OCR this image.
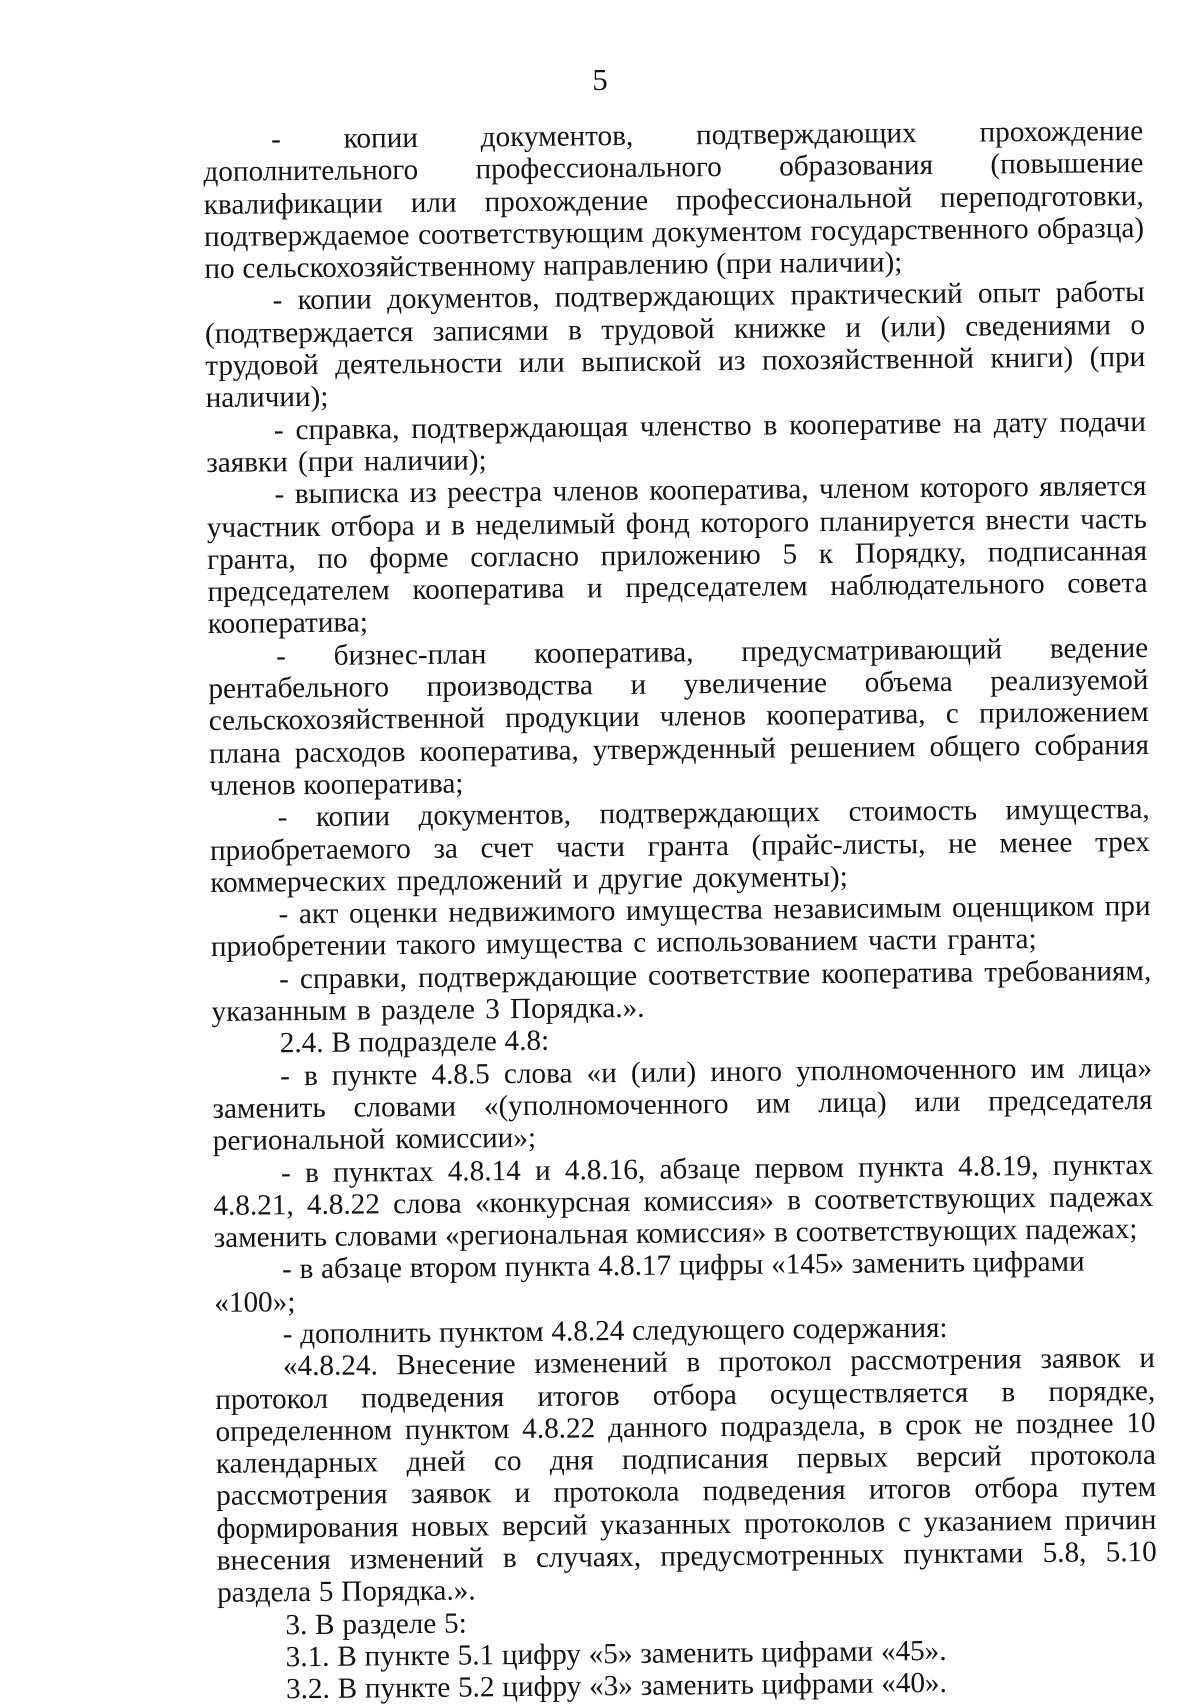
5

- копии документов, подтверждающих прохождение дополнительного профессионального образования (повышение квалификации или прохождение профессиональной переподготовки, подтверждаемое соответствующим документом государственного образца) по сельскохозяйственному направлению (при наличии);

- копии документов, подтверждающих практический опыт работы (подтверждается записями в трудовой книжке и (или) сведениями о трудовой деятельности или выпиской из похозяйственной книги) (при наличии);

- справка, подтверждающая членство в кооперативе на дату подачи заявки (при наличии);

- выписка из реестра членов кооператива, членом которого является участник отбора и в неделимый фонд которого планируется внести часть гранта, по форме согласно приложению 5 к Порядку, подписанная председателем кооператива и председателем наблюдательного совета кооператива;

- бизнес-план кооператива, предусматривающий ведение рентабельного производства и увеличение объема реализуемой сельскохозяйственной продукции членов кооператива, с приложением плана расходов кооператива, утвержденный решением общего собрания членов кооператива;

- копии документов, подтверждающих стоимость имущества, приобретаемого за счет части гранта (прайс-листы, не менее трех коммерческих предложений и другие документы);

- акт оценки недвижимого имущества независимым оценщиком при приобретении такого имущества с использованием части гранта;

- справки, подтверждающие соответствие кооператива требованиям, указанным в разделе 3 Порядка.».

2.4. В подразделе 4.8:

- в пункте 4.8.5 слова «и (или) иного уполномоченного им лица» заменить словами «(уполномоченного им лица) или председателя региональной комиссии»;

- в пунктах 4.8.14 и 4.8.16, абзаце первом пункта 4.8.19, пунктах 4.8.21, 4.8.22 слова «конкурсная комиссия» в соответствующих падежах заменить словами «региональная комиссия» в соответствующих падежах;

- в абзаце втором пункта 4.8.17 цифры «145» заменить цифрами «100»;

- дополнить пунктом 4.8.24 следующего содержания:

«4.8.24. Внесение изменений в протокол рассмотрения заявок и протокол подведения итогов отбора осуществляется в порядке, определенном пунктом 4.8.22 данного подраздела, в срок не позднее 10 календарных дней со дня подписания первых версий протокола рассмотрения заявок и протокола подведения итогов отбора путем формирования новых версий указанных протоколов с указанием причин внесения изменений в случаях, предусмотренных пунктами 5.8, 5.10 раздела 5 Порядка.».

3. В разделе 5:

3.1. В пункте 5.1 цифру «5» заменить цифрами «45».

3.2. В пункте 5.2 цифру «3» заменить цифрами «40».
